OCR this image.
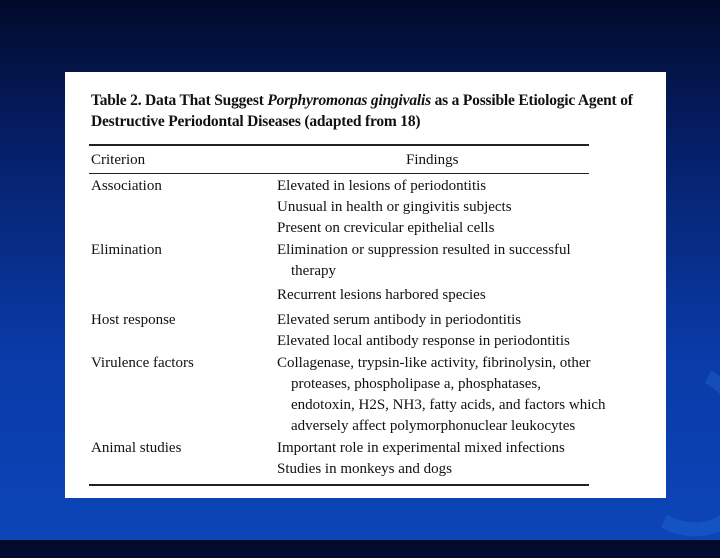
Table 2. Data That Suggest Porphyromonas gingivalis as a Possible Etiologic Agent of Destructive Periodontal Diseases (adapted from 18)
Criterion	Findings
Association	Elevated in lesions of periodontitis
Unusual in health or gingivitis subjects
Present on crevicular epithelial cells
Elimination	Elimination or suppression resulted in successful
therapy
Recurrent lesions harbored species
Host response	Elevated serum antibody in periodontitis
Elevated local antibody response in periodontitis
Virulence factors	Collagenase, trypsin-like activity, fibrinolysin, other
proteases, phospholipase a, phosphatases,
endotoxin, H2S, NH3, fatty acids, and factors which
adversely affect polymorphonuclear leukocytes
Animal studies	Important role in experimental mixed infections
Studies in monkeys and dogs
